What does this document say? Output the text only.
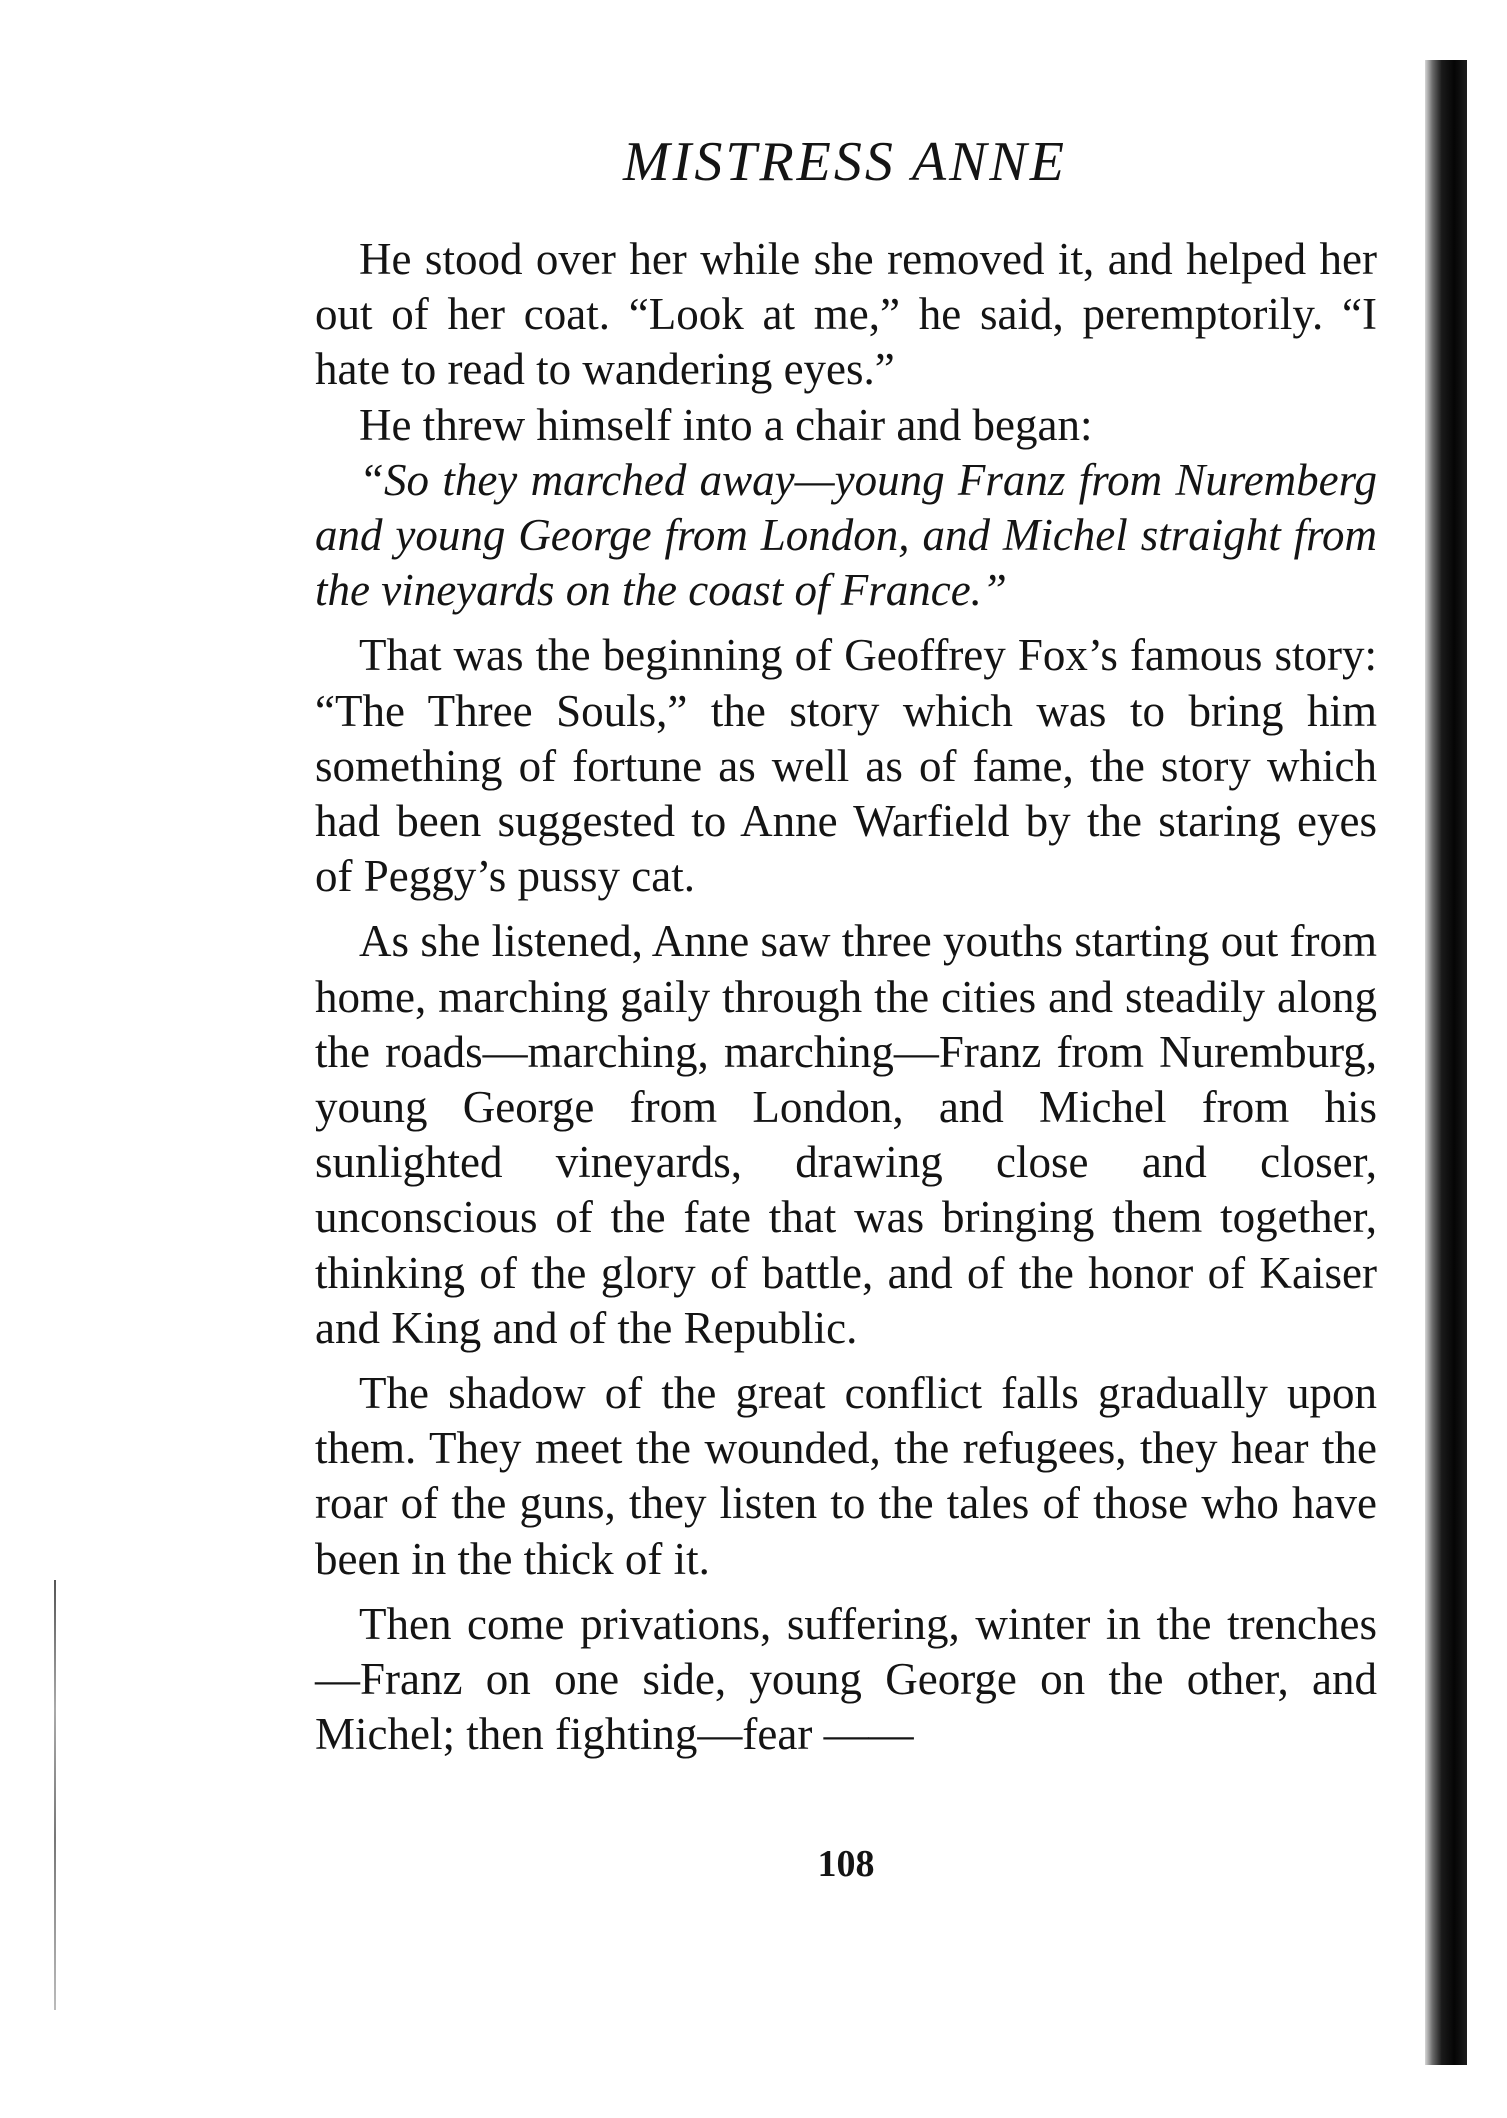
MISTRESS ANNE

He stood over her while she removed it, and helped her out of her coat. “Look at me,” he said, peremptorily. “I hate to read to wandering eyes.”

He threw himself into a chair and began:

“So they marched away—young Franz from Nuremberg and young George from London, and Michel straight from the vineyards on the coast of France.”

That was the beginning of Geoffrey Fox’s famous story: “The Three Souls,” the story which was to bring him something of fortune as well as of fame, the story which had been suggested to Anne Warfield by the staring eyes of Peggy’s pussy cat.

As she listened, Anne saw three youths starting out from home, marching gaily through the cities and steadily along the roads—marching, marching—Franz from Nuremburg, young George from London, and Michel from his sunlighted vineyards, drawing close and closer, unconscious of the fate that was bringing them together, thinking of the glory of battle, and of the honor of Kaiser and King and of the Republic.

The shadow of the great conflict falls gradually upon them. They meet the wounded, the refugees, they hear the roar of the guns, they listen to the tales of those who have been in the thick of it.

Then come privations, suffering, winter in the trenches—Franz on one side, young George on the other, and Michel; then fighting—fear ——

108
